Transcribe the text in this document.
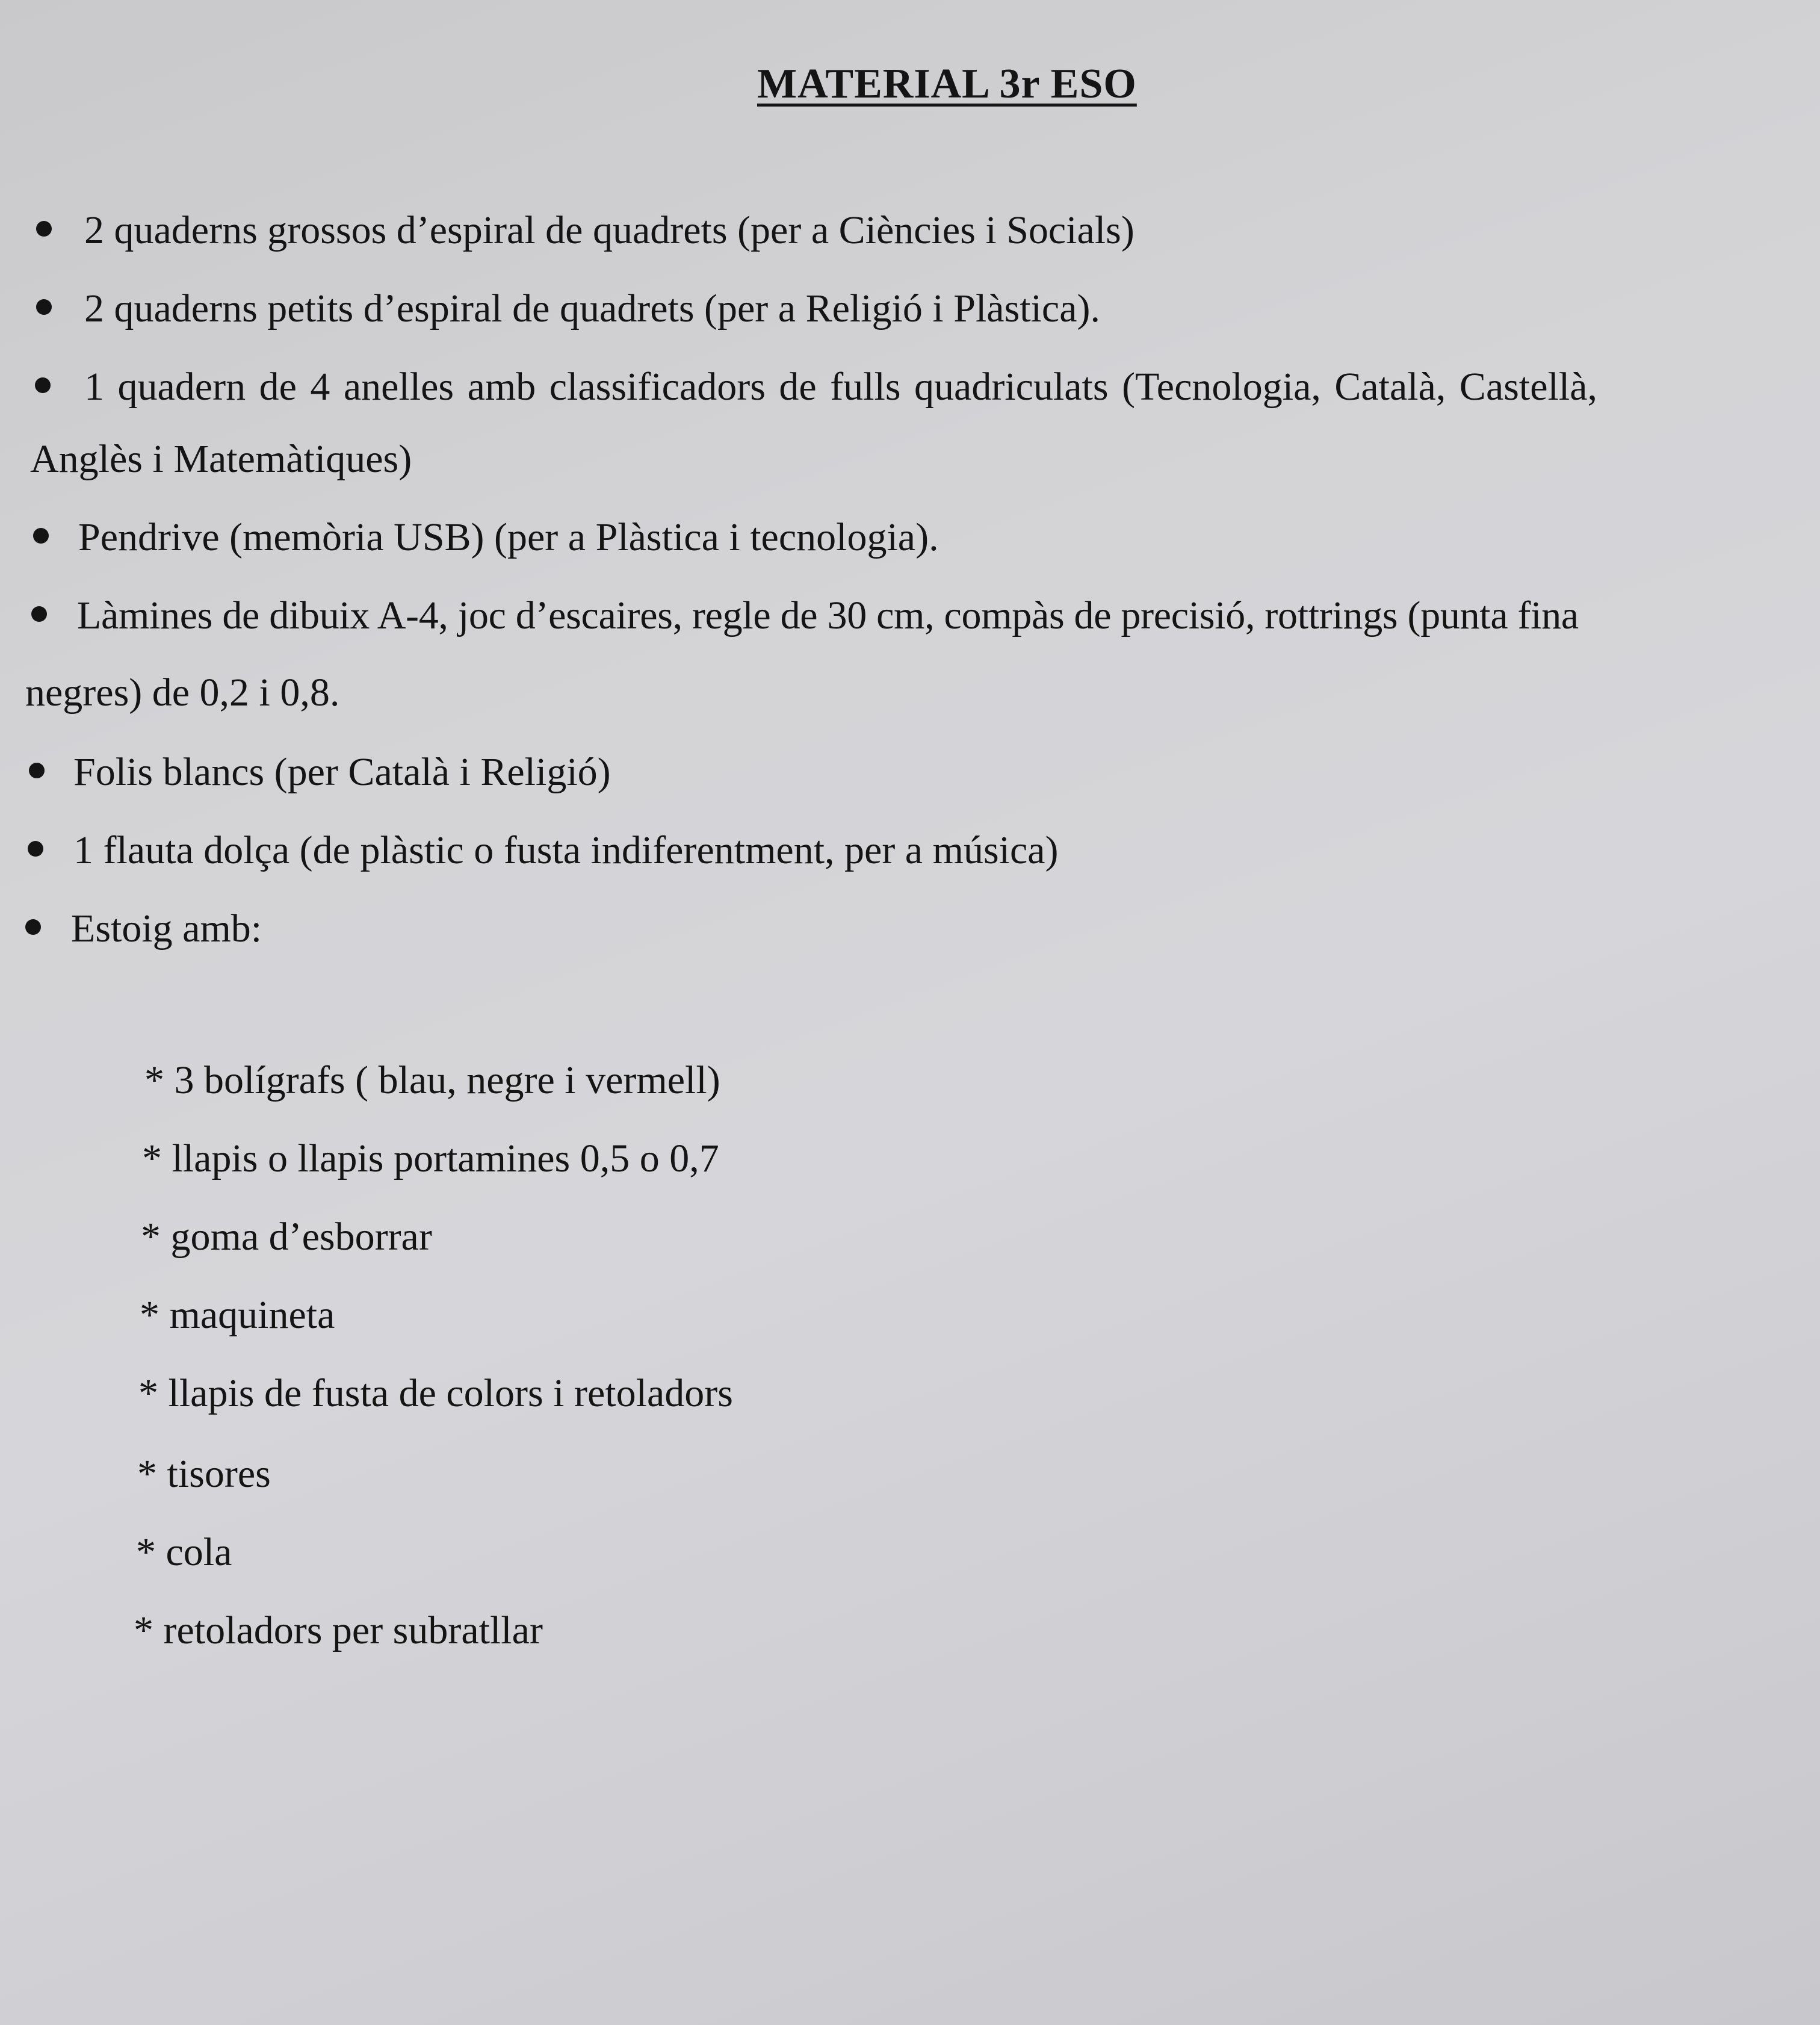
MATERIAL 3r ESO
2 quaderns grossos d’espiral de quadrets (per a Ciències i Socials)
2 quaderns petits d’espiral de quadrets (per a Religió i Plàstica).
1 quadern de 4 anelles amb classificadors de fulls quadriculats (Tecnologia, Català, Castellà,
Anglès i Matemàtiques)
Pendrive (memòria USB) (per a Plàstica i tecnologia).
Làmines de dibuix A-4, joc d’escaires, regle de 30 cm, compàs de precisió, rottrings (punta fina
negres) de 0,2 i 0,8.
Folis blancs (per Català i Religió)
1 flauta dolça (de plàstic o fusta indiferentment, per a música)
Estoig amb:
* 3 bolígrafs ( blau, negre i vermell)
* llapis o llapis portamines 0,5 o 0,7
* goma d’esborrar
* maquineta
* llapis de fusta de colors i retoladors
* tisores
* cola
* retoladors per subratllar
